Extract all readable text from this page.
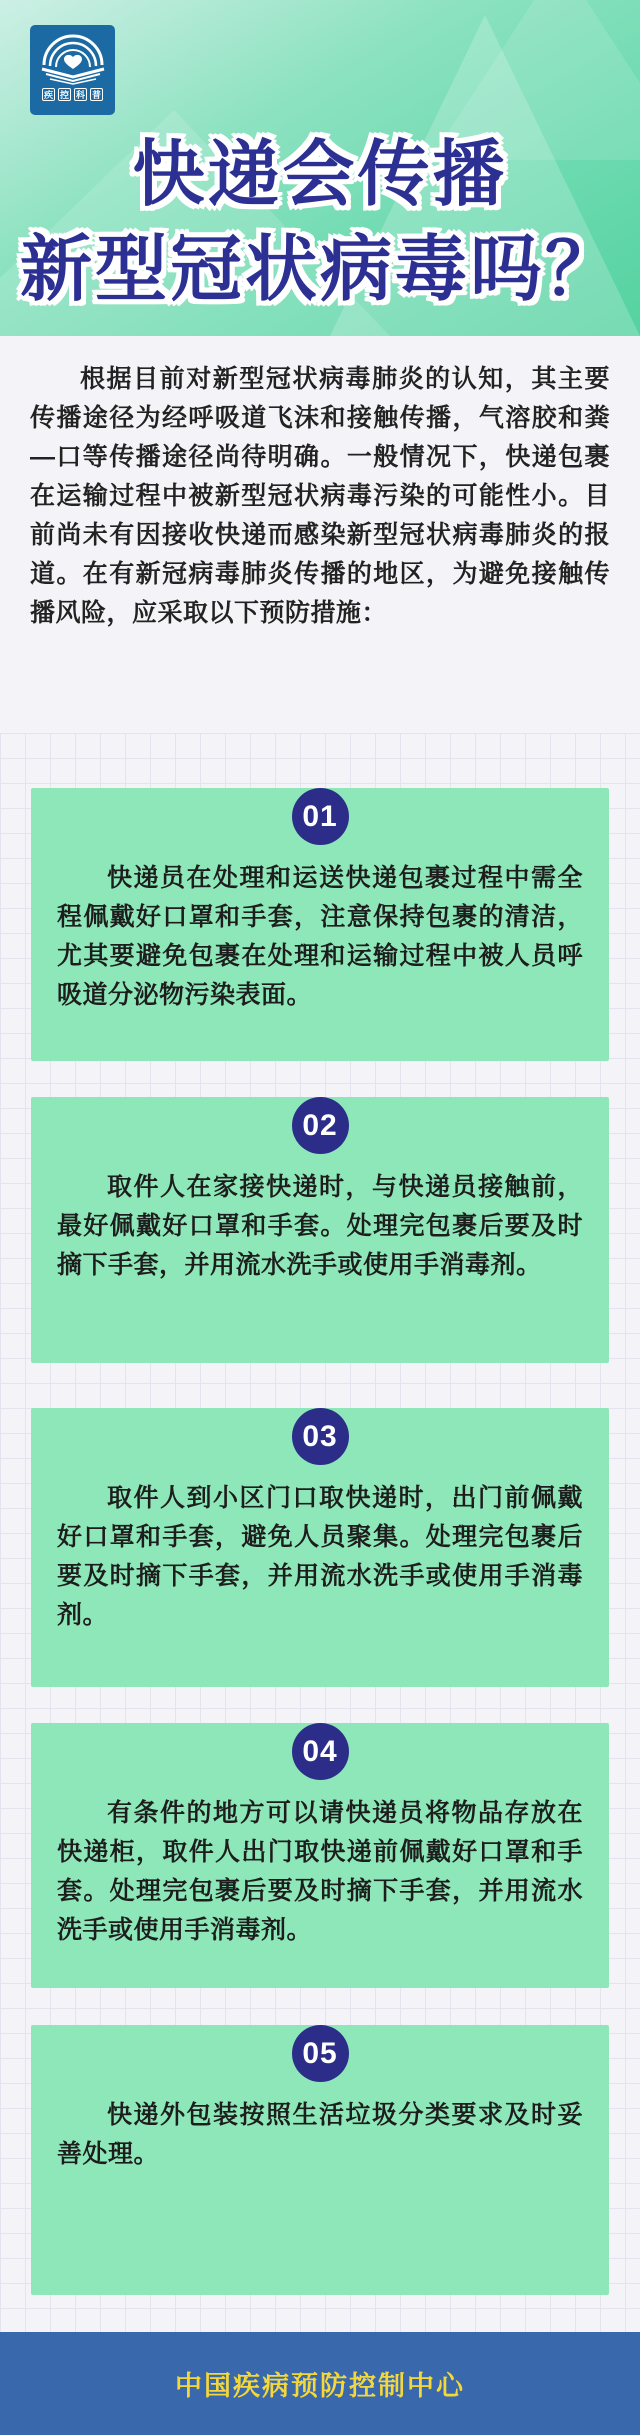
疾 控 科 普
快递会传播
新型冠状病毒吗？

根据目前对新型冠状病毒肺炎的认知，其主要传播途径为经呼吸道飞沫和接触传播，气溶胶和粪—口等传播途径尚待明确。一般情况下，快递包裹在运输过程中被新型冠状病毒污染的可能性小。目前尚未有因接收快递而感染新型冠状病毒肺炎的报道。在有新冠病毒肺炎传播的地区，为避免接触传播风险，应采取以下预防措施：

01

快递员在处理和运送快递包裹过程中需全程佩戴好口罩和手套，注意保持包裹的清洁，尤其要避免包裹在处理和运输过程中被人员呼吸道分泌物污染表面。

02

取件人在家接快递时，与快递员接触前，最好佩戴好口罩和手套。处理完包裹后要及时摘下手套，并用流水洗手或使用手消毒剂。

03

取件人到小区门口取快递时，出门前佩戴好口罩和手套，避免人员聚集。处理完包裹后要及时摘下手套，并用流水洗手或使用手消毒剂。

04

有条件的地方可以请快递员将物品存放在快递柜，取件人出门取快递前佩戴好口罩和手套。处理完包裹后要及时摘下手套，并用流水洗手或使用手消毒剂。

05

快递外包装按照生活垃圾分类要求及时妥善处理。

中国疾病预防控制中心
